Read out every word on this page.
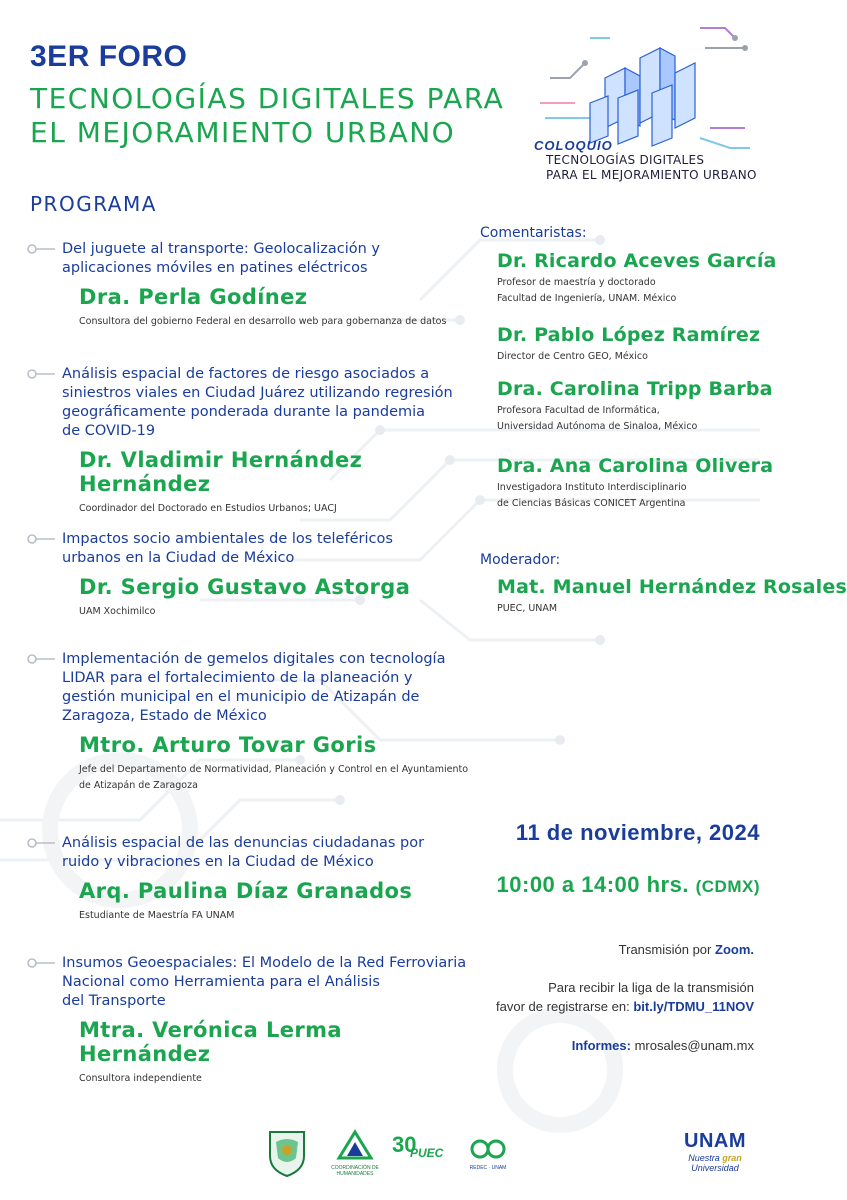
3ER FORO
TECNOLOGÍAS DIGITALES PARA
EL MEJORAMIENTO URBANO
PROGRAMA
COLOQUIO
TECNOLOGÍAS DIGITALES
PARA EL MEJORAMIENTO URBANO
Del juguete al transporte: Geolocalización y
aplicaciones móviles en patines eléctricos
Dra. Perla Godínez
Consultora del gobierno Federal en desarrollo web para gobernanza de datos
Análisis espacial de factores de riesgo asociados a
siniestros viales en Ciudad Juárez utilizando regresión
geográficamente ponderada durante la pandemia
de COVID-19
Dr. Vladimir Hernández Hernández
Coordinador del Doctorado en Estudios Urbanos; UACJ
Impactos socio ambientales de los teleféricos
urbanos en la Ciudad de México
Dr. Sergio Gustavo Astorga
UAM Xochimilco
Implementación de gemelos digitales con tecnología
LIDAR para el fortalecimiento de la planeación y
gestión municipal en el municipio de Atizapán de
Zaragoza, Estado de México
Mtro. Arturo Tovar Goris
Jefe del Departamento de Normatividad, Planeación y Control en el Ayuntamiento
de Atizapán de Zaragoza
Análisis espacial de las denuncias ciudadanas por
ruido y vibraciones en la Ciudad de México
Arq. Paulina Díaz Granados
Estudiante de Maestría FA UNAM
Insumos Geoespaciales: El Modelo de la Red Ferroviaria
Nacional como Herramienta para el Análisis
del Transporte
Mtra. Verónica Lerma Hernández
Consultora independiente
Comentaristas:
Dr. Ricardo Aceves García
Profesor de maestría y doctorado
Facultad de Ingeniería, UNAM. México
Dr. Pablo López Ramírez
Director de Centro GEO, México
Dra. Carolina Tripp Barba
Profesora Facultad de Informática,
Universidad Autónoma de Sinaloa, México
Dra. Ana Carolina Olivera
Investigadora Instituto Interdisciplinario
de Ciencias Básicas CONICET Argentina
Moderador:
Mat. Manuel Hernández Rosales
PUEC, UNAM
11 de noviembre, 2024
10:00 a 14:00 hrs. (CDMX)
Transmisión por Zoom.
Para recibir la liga de la transmisión
favor de registrarse en: bit.ly/TDMU_11NOV
Informes: mrosales@unam.mx
COORDINACIÓN DE HUMANIDADES
30
PUEC
REDEC · UNAM
UNAM
Nuestra gran
Universidad
